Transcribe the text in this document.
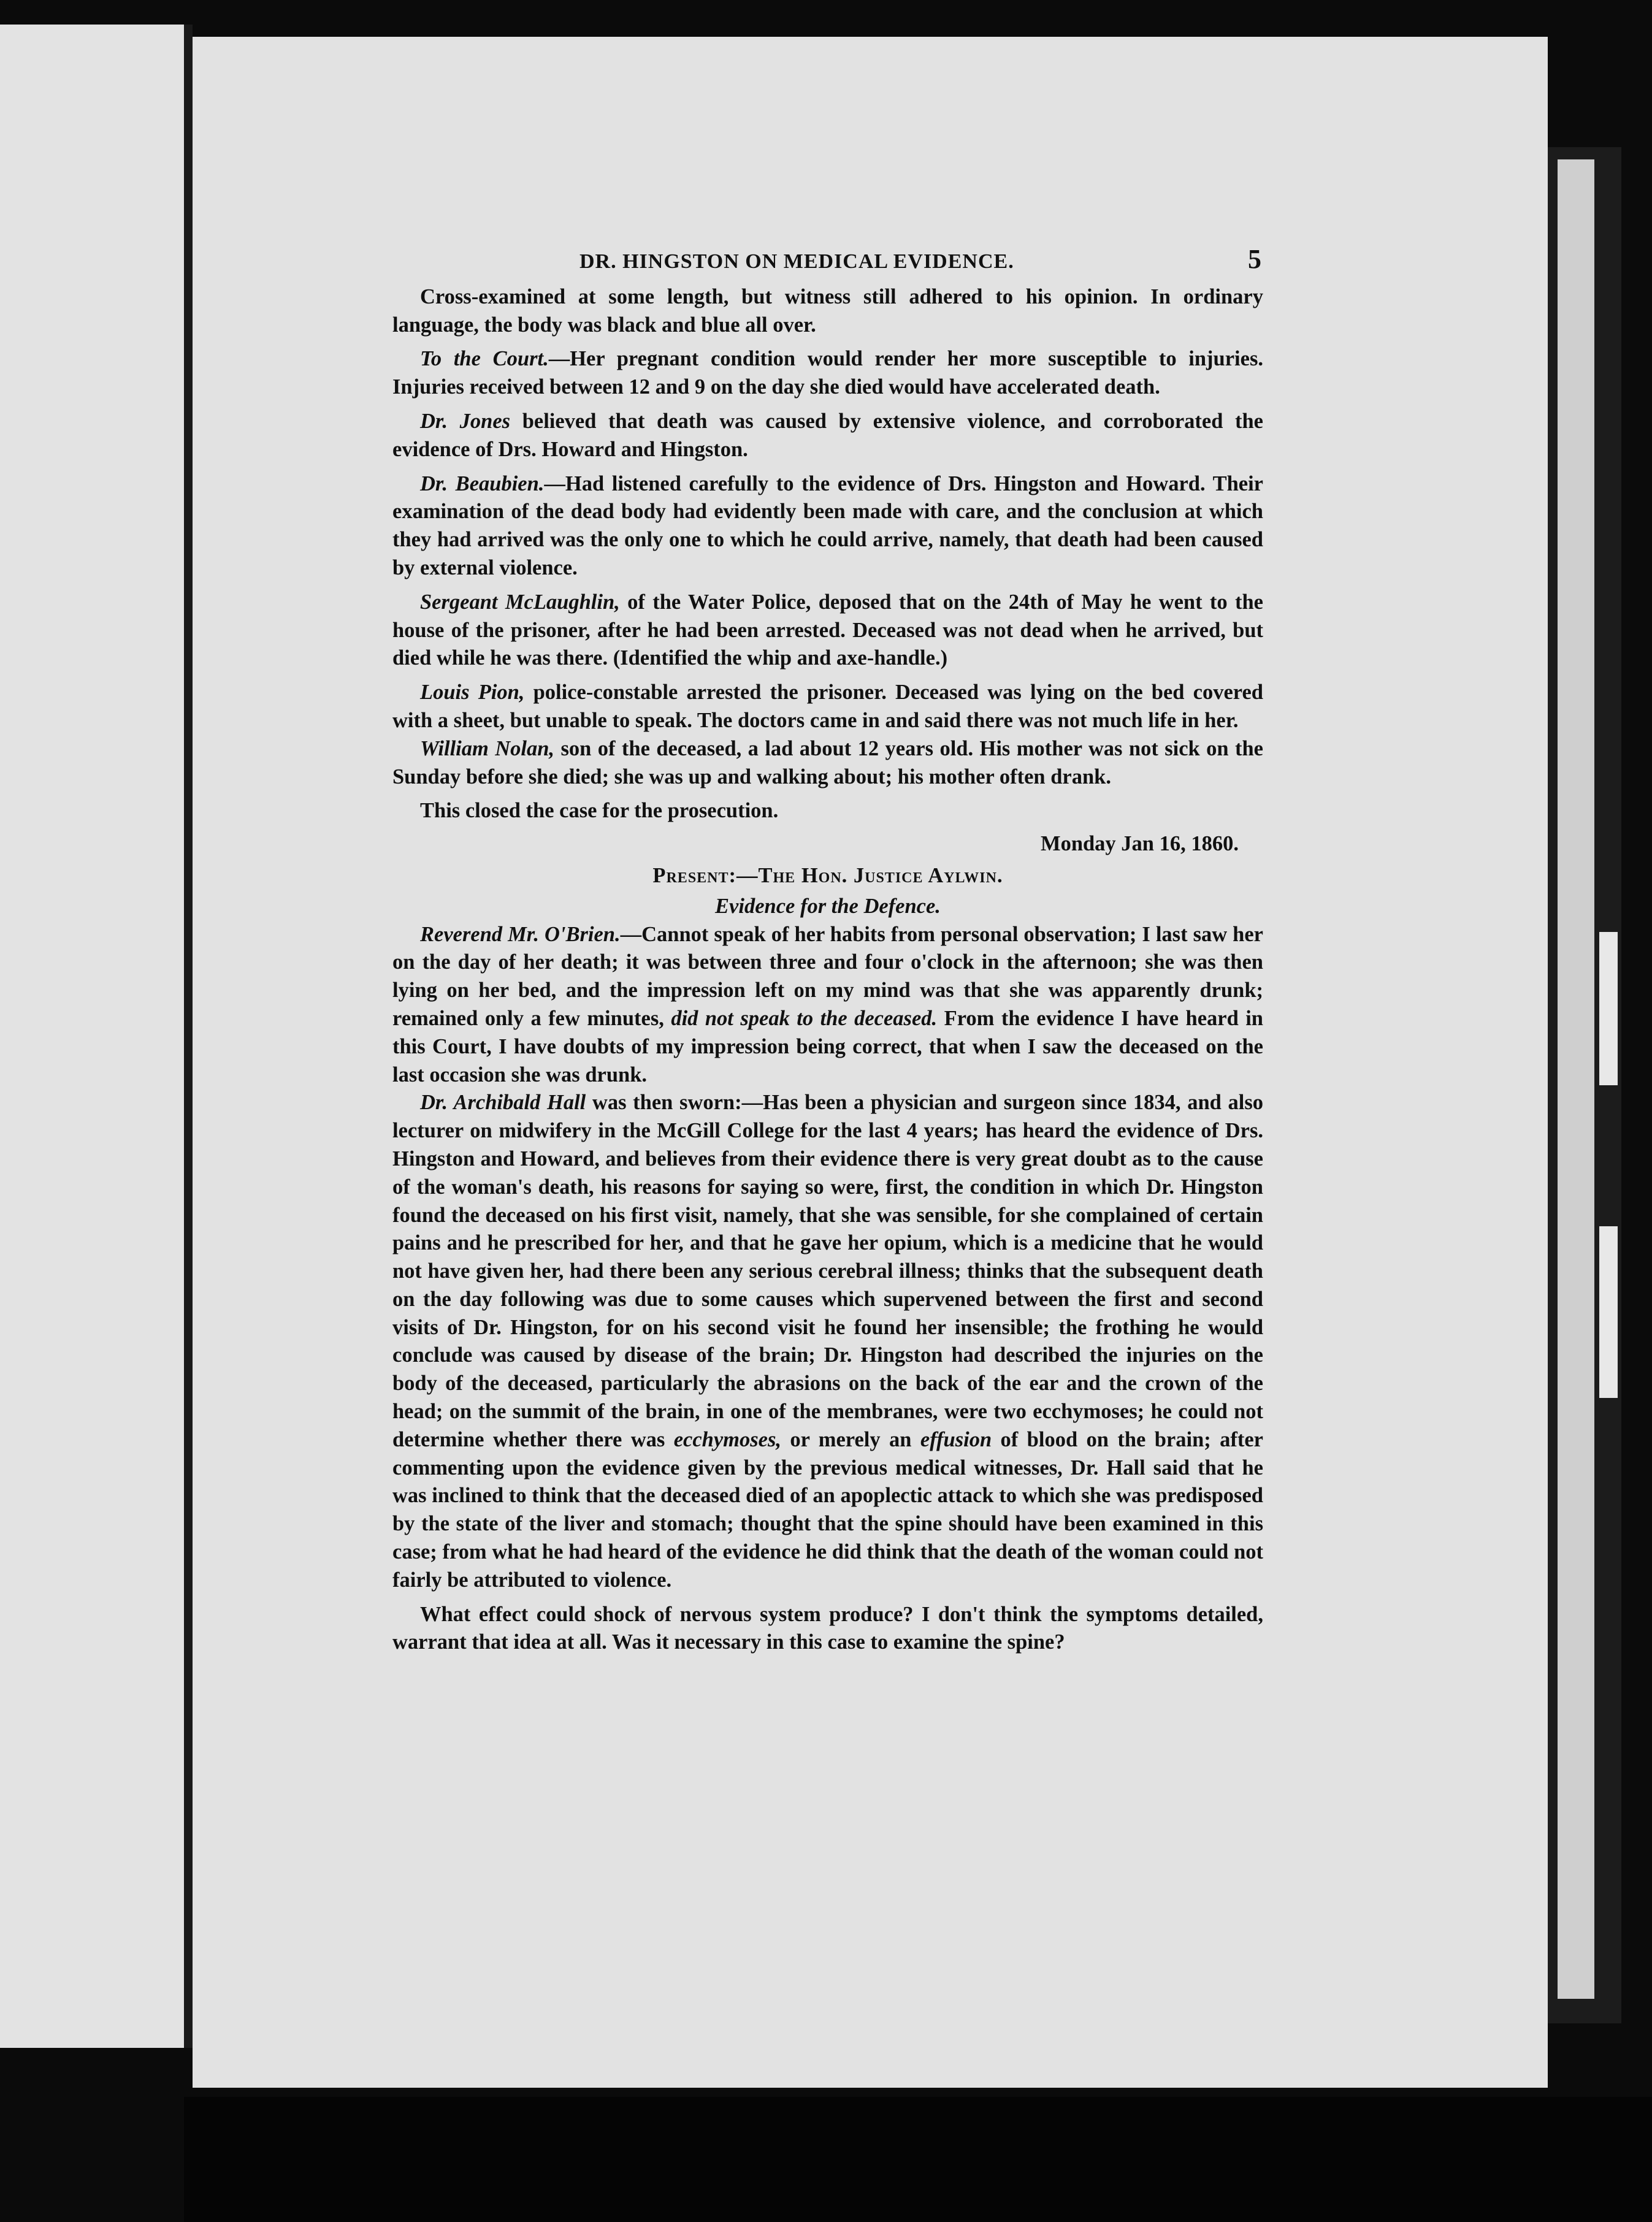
DR. HINGSTON ON MEDICAL EVIDENCE.	5

Cross-examined at some length, but witness still adhered to his opinion. In ordinary language, the body was black and blue all over.

To the Court.—Her pregnant condition would render her more susceptible to injuries. Injuries received between 12 and 9 on the day she died would have accelerated death.

Dr. Jones believed that death was caused by extensive violence, and corroborated the evidence of Drs. Howard and Hingston.

Dr. Beaubien.—Had listened carefully to the evidence of Drs. Hingston and Howard. Their examination of the dead body had evidently been made with care, and the conclusion at which they had arrived was the only one to which he could arrive, namely, that death had been caused by external violence.

Sergeant McLaughlin, of the Water Police, deposed that on the 24th of May he went to the house of the prisoner, after he had been arrested. Deceased was not dead when he arrived, but died while he was there. (Identified the whip and axe-handle.)

Louis Pion, police-constable arrested the prisoner. Deceased was lying on the bed covered with a sheet, but unable to speak. The doctors came in and said there was not much life in her.

William Nolan, son of the deceased, a lad about 12 years old. His mother was not sick on the Sunday before she died; she was up and walking about; his mother often drank.

This closed the case for the prosecution.

Monday Jan 16, 1860.
Present:—The Hon. Justice Aylwin.
Evidence for the Defence.

Reverend Mr. O'Brien.—Cannot speak of her habits from personal observation; I last saw her on the day of her death; it was between three and four o'clock in the afternoon; she was then lying on her bed, and the impression left on my mind was that she was apparently drunk; remained only a few minutes, did not speak to the deceased. From the evidence I have heard in this Court, I have doubts of my impression being correct, that when I saw the deceased on the last occasion she was drunk.

Dr. Archibald Hall was then sworn:—Has been a physician and surgeon since 1834, and also lecturer on midwifery in the McGill College for the last 4 years; has heard the evidence of Drs. Hingston and Howard, and believes from their evidence there is very great doubt as to the cause of the woman's death, his reasons for saying so were, first, the condition in which Dr. Hingston found the deceased on his first visit, namely, that she was sensible, for she complained of certain pains and he prescribed for her, and that he gave her opium, which is a medicine that he would not have given her, had there been any serious cerebral illness; thinks that the subsequent death on the day following was due to some causes which supervened between the first and second visits of Dr. Hingston, for on his second visit he found her insensible; the frothing he would conclude was caused by disease of the brain; Dr. Hingston had described the injuries on the body of the deceased, particularly the abrasions on the back of the ear and the crown of the head; on the summit of the brain, in one of the membranes, were two ecchymoses; he could not determine whether there was ecchymoses, or merely an effusion of blood on the brain; after commenting upon the evidence given by the previous medical witnesses, Dr. Hall said that he was inclined to think that the deceased died of an apoplectic attack to which she was predisposed by the state of the liver and stomach; thought that the spine should have been examined in this case; from what he had heard of the evidence he did think that the death of the woman could not fairly be attributed to violence.

What effect could shock of nervous system produce? I don't think the symptoms detailed, warrant that idea at all. Was it necessary in this case to examine the spine?
